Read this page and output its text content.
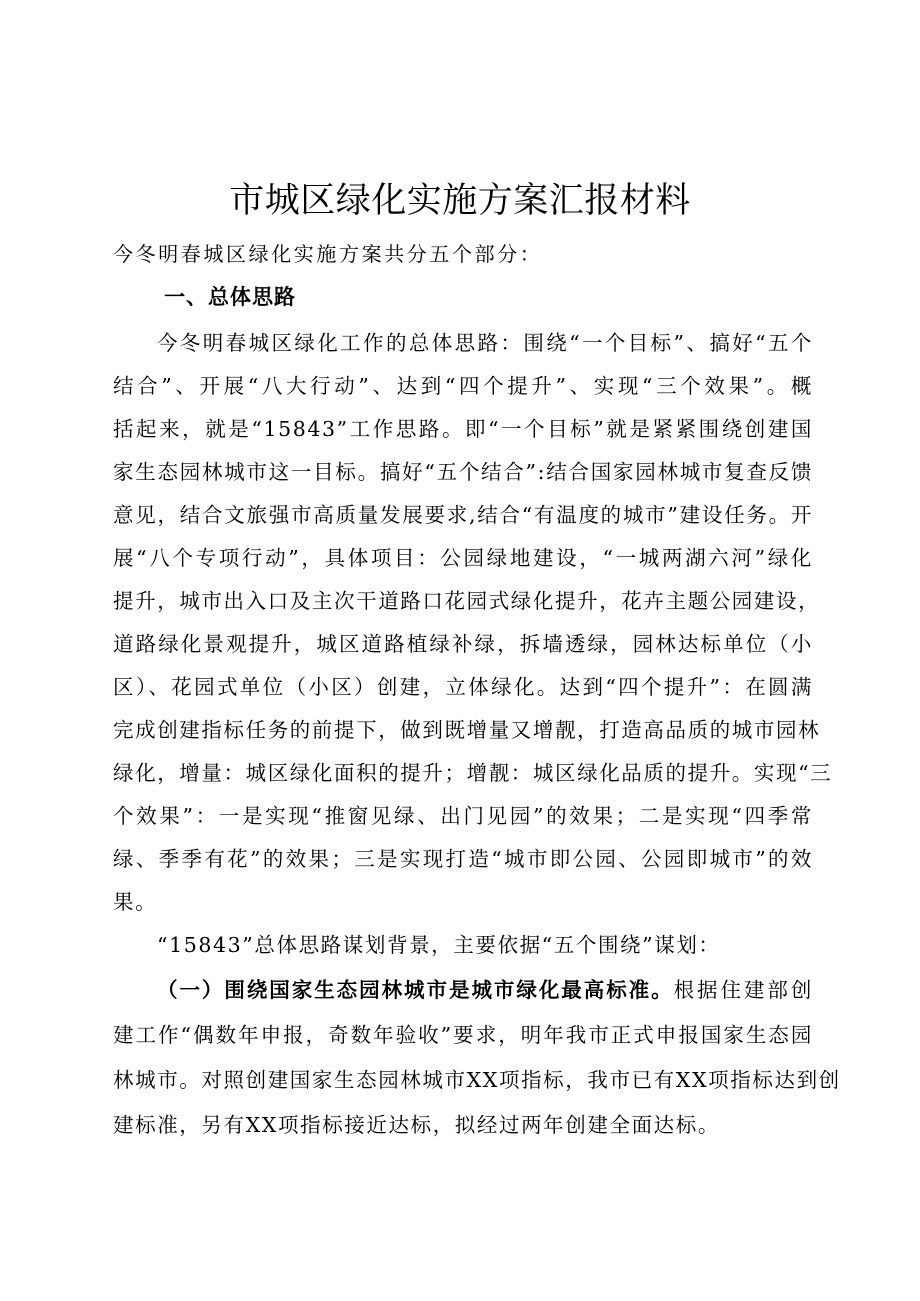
市城区绿化实施方案汇报材料

今冬明春城区绿化实施方案共分五个部分：

一、总体思路
今冬明春城区绿化工作的总体思路：围绕“一个目标”、搞好“五个
结合”、开展“八大行动”、达到“四个提升”、实现“三个效果”。概
括起来，就是“15843”工作思路。即“一个目标”就是紧紧围绕创建国
家生态园林城市这一目标。搞好“五个结合”:结合国家园林城市复查反馈
意见，结合文旅强市高质量发展要求,结合“有温度的城市”建设任务。开
展“八个专项行动”，具体项目：公园绿地建设，“一城两湖六河”绿化
提升，城市出入口及主次干道路口花园式绿化提升，花卉主题公园建设，
道路绿化景观提升，城区道路植绿补绿，拆墙透绿，园林达标单位（小
区）、花园式单位（小区）创建，立体绿化。达到“四个提升”：在圆满
完成创建指标任务的前提下，做到既增量又增靓，打造高品质的城市园林
绿化，增量：城区绿化面积的提升；增靓：城区绿化品质的提升。实现“三
个效果”：一是实现“推窗见绿、出门见园”的效果；二是实现“四季常
绿、季季有花”的效果；三是实现打造“城市即公园、公园即城市”的效
果。

“15843”总体思路谋划背景，主要依据“五个围绕”谋划：

（一）围绕国家生态园林城市是城市绿化最高标准。根据住建部创
建工作“偶数年申报，奇数年验收”要求，明年我市正式申报国家生态园
林城市。对照创建国家生态园林城市XX项指标，我市已有XX项指标达到创
建标准，另有XX项指标接近达标，拟经过两年创建全面达标。
